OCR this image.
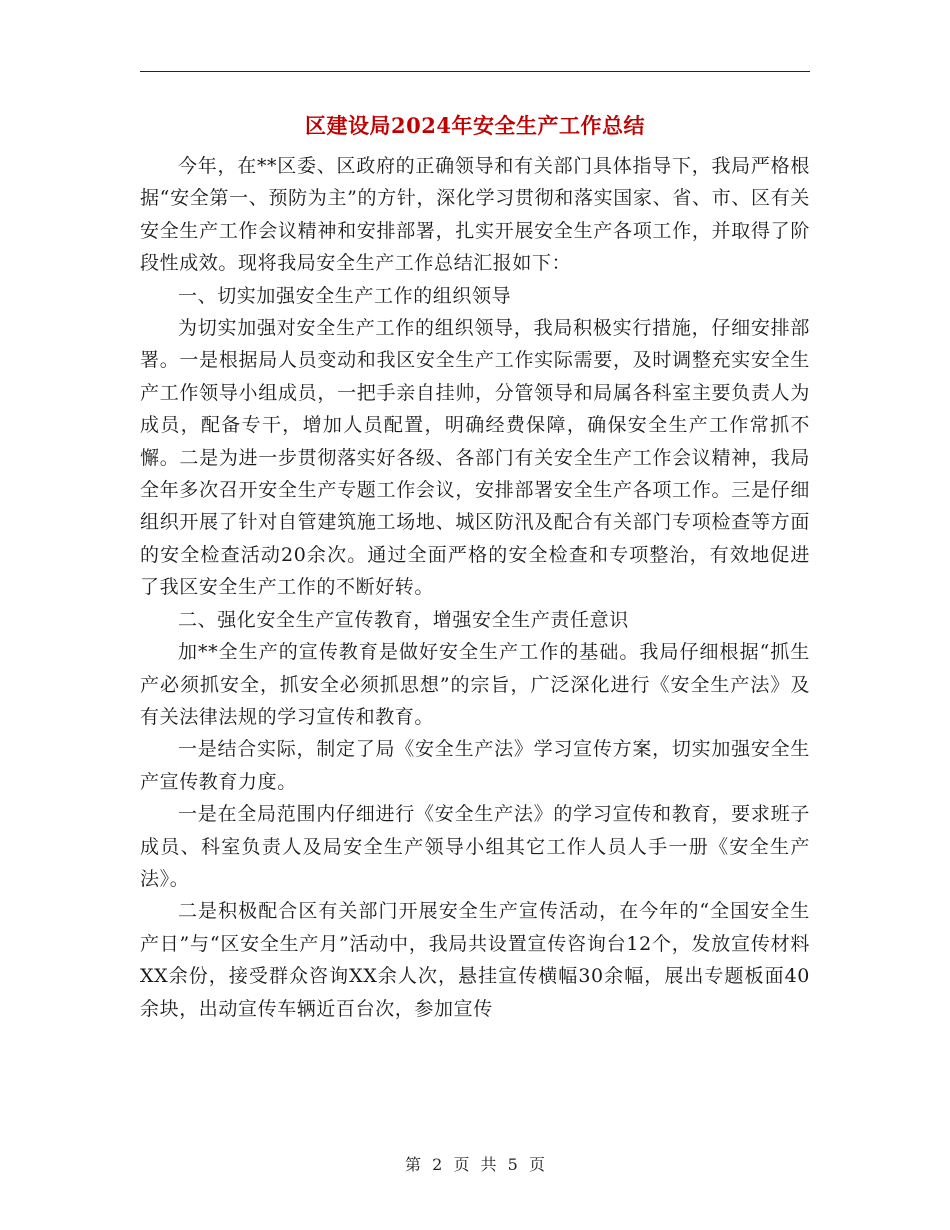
区建设局2024年安全生产工作总结

今年，在**区委、区政府的正确领导和有关部门具体指导下，我局严格根据“安全第一、预防为主”的方针，深化学习贯彻和落实国家、省、市、区有关安全生产工作会议精神和安排部署，扎实开展安全生产各项工作，并取得了阶段性成效。现将我局安全生产工作总结汇报如下：

一、切实加强安全生产工作的组织领导

为切实加强对安全生产工作的组织领导，我局积极实行措施，仔细安排部署。一是根据局人员变动和我区安全生产工作实际需要，及时调整充实安全生产工作领导小组成员，一把手亲自挂帅，分管领导和局属各科室主要负责人为成员，配备专干，增加人员配置，明确经费保障，确保安全生产工作常抓不懈。二是为进一步贯彻落实好各级、各部门有关安全生产工作会议精神，我局全年多次召开安全生产专题工作会议，安排部署安全生产各项工作。三是仔细组织开展了针对自管建筑施工场地、城区防汛及配合有关部门专项检查等方面的安全检查活动20余次。通过全面严格的安全检查和专项整治，有效地促进了我区安全生产工作的不断好转。

二、强化安全生产宣传教育，增强安全生产责任意识

加**全生产的宣传教育是做好安全生产工作的基础。我局仔细根据“抓生产必须抓安全，抓安全必须抓思想”的宗旨，广泛深化进行《安全生产法》及有关法律法规的学习宣传和教育。

一是结合实际，制定了局《安全生产法》学习宣传方案，切实加强安全生产宣传教育力度。

一是在全局范围内仔细进行《安全生产法》的学习宣传和教育，要求班子成员、科室负责人及局安全生产领导小组其它工作人员人手一册《安全生产法》。

二是积极配合区有关部门开展安全生产宣传活动，在今年的“全国安全生产日”与“区安全生产月”活动中，我局共设置宣传咨询台12个，发放宣传材料XX余份，接受群众咨询XX余人次，悬挂宣传横幅30余幅，展出专题板面40余块，出动宣传车辆近百台次，参加宣传

第 2 页 共 5 页
